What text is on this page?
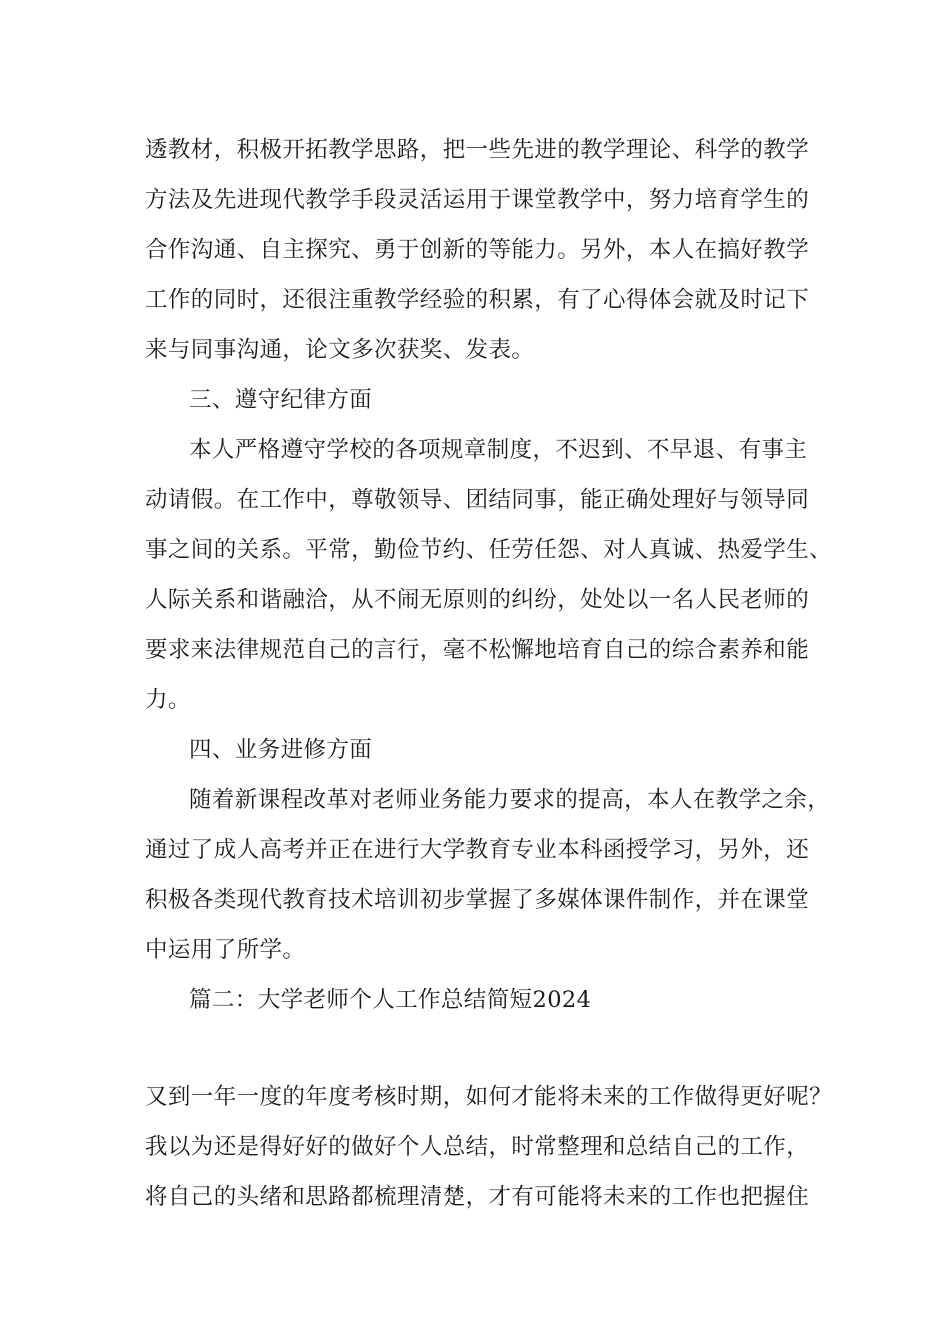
透教材，积极开拓教学思路，把一些先进的教学理论、科学的教学
方法及先进现代教学手段灵活运用于课堂教学中，努力培育学生的
合作沟通、自主探究、勇于创新的等能力。另外，本人在搞好教学
工作的同时，还很注重教学经验的积累，有了心得体会就及时记下
来与同事沟通，论文多次获奖、发表。
三、遵守纪律方面
本人严格遵守学校的各项规章制度，不迟到、不早退、有事主
动请假。在工作中，尊敬领导、团结同事，能正确处理好与领导同
事之间的关系。平常，勤俭节约、任劳任怨、对人真诚、热爱学生、
人际关系和谐融洽，从不闹无原则的纠纷，处处以一名人民老师的
要求来法律规范自己的言行，毫不松懈地培育自己的综合素养和能
力。
四、业务进修方面
随着新课程改革对老师业务能力要求的提高，本人在教学之余，
通过了成人高考并正在进行大学教育专业本科函授学习，另外，还
积极各类现代教育技术培训初步掌握了多媒体课件制作，并在课堂
中运用了所学。
篇二：大学老师个人工作总结简短2024
又到一年一度的年度考核时期，如何才能将未来的工作做得更好呢？
我以为还是得好好的做好个人总结，时常整理和总结自己的工作，
将自己的头绪和思路都梳理清楚，才有可能将未来的工作也把握住
